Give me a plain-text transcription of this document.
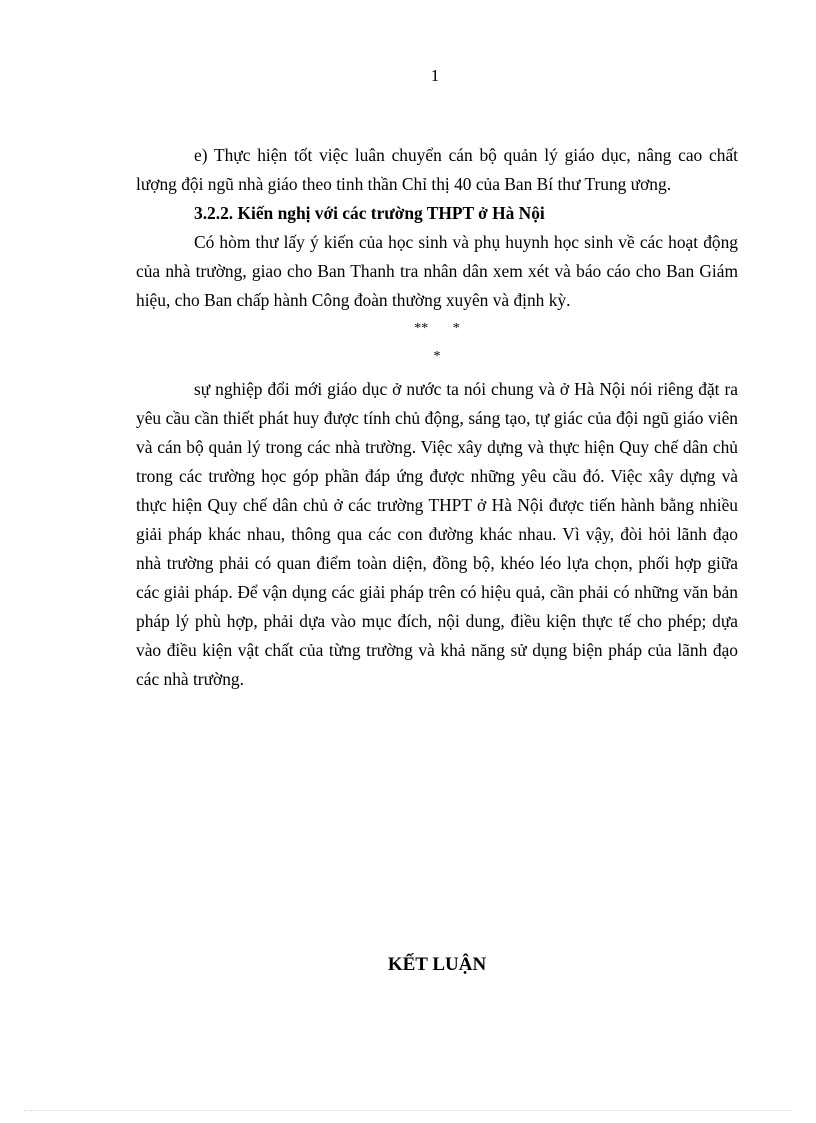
1

e) Thực hiện tốt việc luân chuyển cán bộ quản lý giáo dục, nâng cao chất lượng đội ngũ nhà giáo theo tinh thần Chỉ thị 40 của Ban Bí thư Trung ương.

3.2.2. Kiến nghị với các trường THPT ở Hà Nội

Có hòm thư lấy ý kiến của học sinh và phụ huynh học sinh về các hoạt động của nhà trường, giao cho Ban Thanh tra nhân dân xem xét và báo cáo cho Ban Giám hiệu, cho Ban chấp hành Công đoàn thường xuyên và định kỳ.

**       *

*

sự nghiệp đổi mới giáo dục ở nước ta nói chung và ở Hà Nội nói riêng đặt ra yêu cầu cần thiết phát huy được tính chủ động, sáng tạo, tự giác của đội ngũ giáo viên và cán bộ quản lý trong các nhà trường. Việc xây dựng và thực hiện Quy chế dân chủ trong các trường học góp phần đáp ứng được những yêu cầu đó. Việc xây dựng và thực hiện Quy chế dân chủ ở các trường THPT ở Hà Nội được tiến hành bằng nhiều giải pháp khác nhau, thông qua các con đường khác nhau. Vì vậy, đòi hỏi lãnh đạo nhà trường phải có quan điểm toàn diện, đồng bộ, khéo léo lựa chọn, phối hợp giữa các giải pháp. Để vận dụng các giải pháp trên có hiệu quả, cần phải có những văn bản pháp lý phù hợp, phải dựa vào mục đích, nội dung, điều kiện thực tế cho phép; dựa vào điều kiện vật chất của từng trường và khả năng sử dụng biện pháp của lãnh đạo các nhà trường.

KẾT LUẬN
